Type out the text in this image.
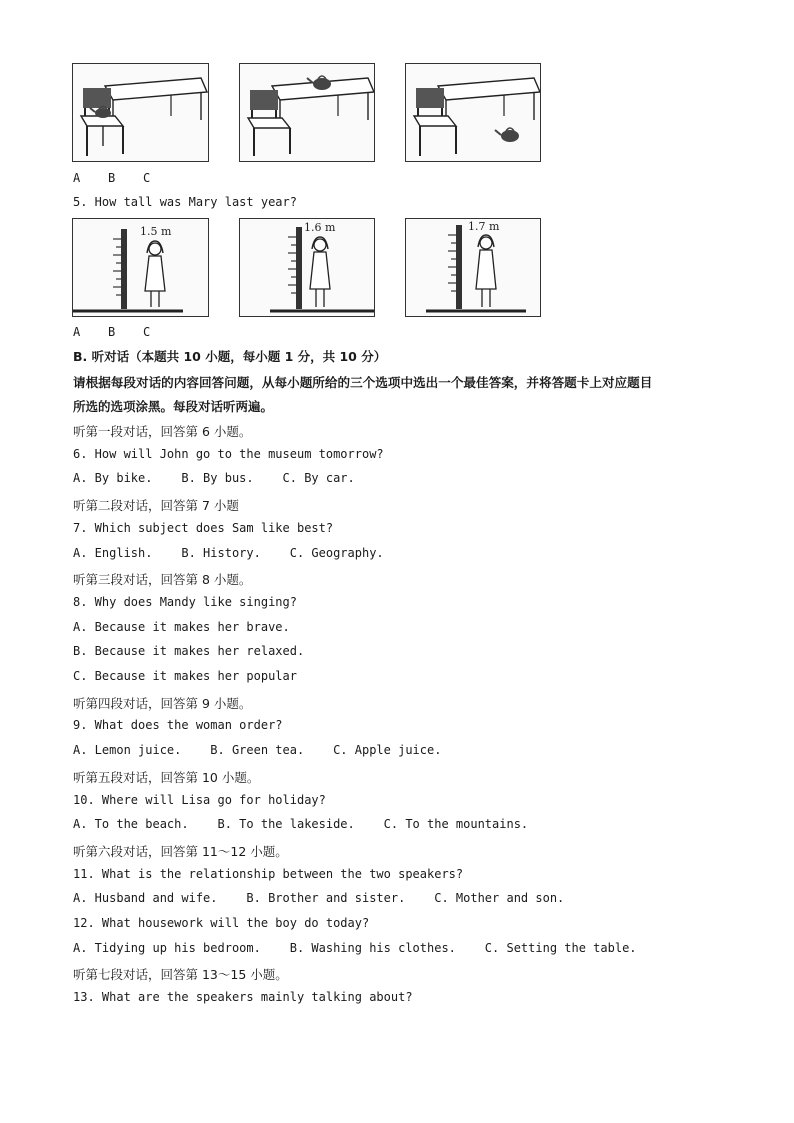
A B C
5. How tall was Mary last year?
1.5 m	1.6 m	1.7 m
A B C
B. 听对话（本题共 10 小题，每小题 1 分，共 10 分）
请根据每段对话的内容回答问题，从每小题所给的三个选项中选出一个最佳答案，并将答题卡上对应题目
所选的选项涂黑。每段对话听两遍。
听第一段对话，回答第 6 小题。
6. How will John go to the museum tomorrow?
A. By bike.    B. By bus.    C. By car.
听第二段对话，回答第 7 小题
7. Which subject does Sam like best?
A. English.    B. History.    C. Geography.
听第三段对话，回答第 8 小题。
8. Why does Mandy like singing?
A. Because it makes her brave.
B. Because it makes her relaxed.
C. Because it makes her popular
听第四段对话，回答第 9 小题。
9. What does the woman order?
A. Lemon juice.    B. Green tea.    C. Apple juice.
听第五段对话，回答第 10 小题。
10. Where will Lisa go for holiday?
A. To the beach.    B. To the lakeside.    C. To the mountains.
听第六段对话，回答第 11～12 小题。
11. What is the relationship between the two speakers?
A. Husband and wife.    B. Brother and sister.    C. Mother and son.
12. What housework will the boy do today?
A. Tidying up his bedroom.    B. Washing his clothes.    C. Setting the table.
听第七段对话，回答第 13～15 小题。
13. What are the speakers mainly talking about?
